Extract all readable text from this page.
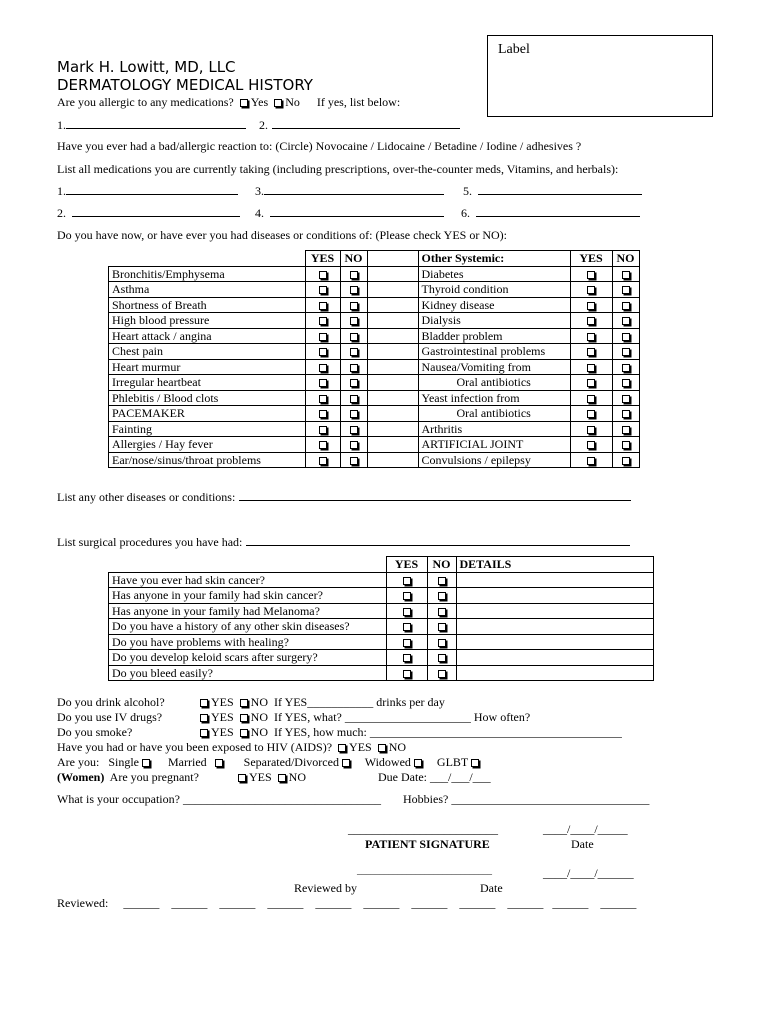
Label
Mark H. Lowitt, MD, LLC
DERMATOLOGY MEDICAL HISTORY
Are you allergic to any medications? Yes No If yes, list below:
1.	2.
Have you ever had a bad/allergic reaction to: (Circle) Novocaine / Lidocaine / Betadine / Iodine / adhesives ?
List all medications you are currently taking (including prescriptions, over-the-counter meds, Vitamins, and herbals):
1.	3.	5.
2.	4.	6.
Do you have now, or have ever you had diseases or conditions of: (Please check YES or NO):
	YES	NO		Other Systemic:	YES	NO
Bronchitis/Emphysema				Diabetes		
Asthma				Thyroid condition		
Shortness of Breath				Kidney disease		
High blood pressure				Dialysis		
Heart attack / angina				Bladder problem		
Chest pain				Gastrointestinal problems		
Heart murmur				Nausea/Vomiting from		
Irregular heartbeat				Oral antibiotics		
Phlebitis / Blood clots				Yeast infection from		
PACEMAKER				Oral antibiotics		
Fainting				Arthritis		
Allergies / Hay fever				ARTIFICIAL JOINT		
Ear/nose/sinus/throat problems				Convulsions / epilepsy		
List any other diseases or conditions:
List surgical procedures you have had:
	YES	NO	DETAILS
Have you ever had skin cancer?			
Has anyone in your family had skin cancer?			
Has anyone in your family had Melanoma?			
Do you have a history of any other skin diseases?			
Do you have problems with healing?			
Do you develop keloid scars after surgery?			
Do you bleed easily?			
Do you drink alcohol?	YES NO If YES___________ drinks per day
Do you use IV drugs?	YES NO If YES, what? _____________________ How often?
Do you smoke?	YES NO If YES, how much: __________________________________________
Have you had or have you been exposed to HIV (AIDS)? YES NO
Are you: Single Married	Separated/Divorced Widowed GLBT
(Women) Are you pregnant?	YES NO	Due Date: ___/___/___
What is your occupation? _________________________________ Hobbies? _________________________________
_________________________	____/____/_____
PATIENT SIGNATURE	Date
______________________________	____/____/______
Reviewed by	Date
Reviewed: ______    ______    ______    ______    ______    ______    ______    ______    ______   ______    ______
